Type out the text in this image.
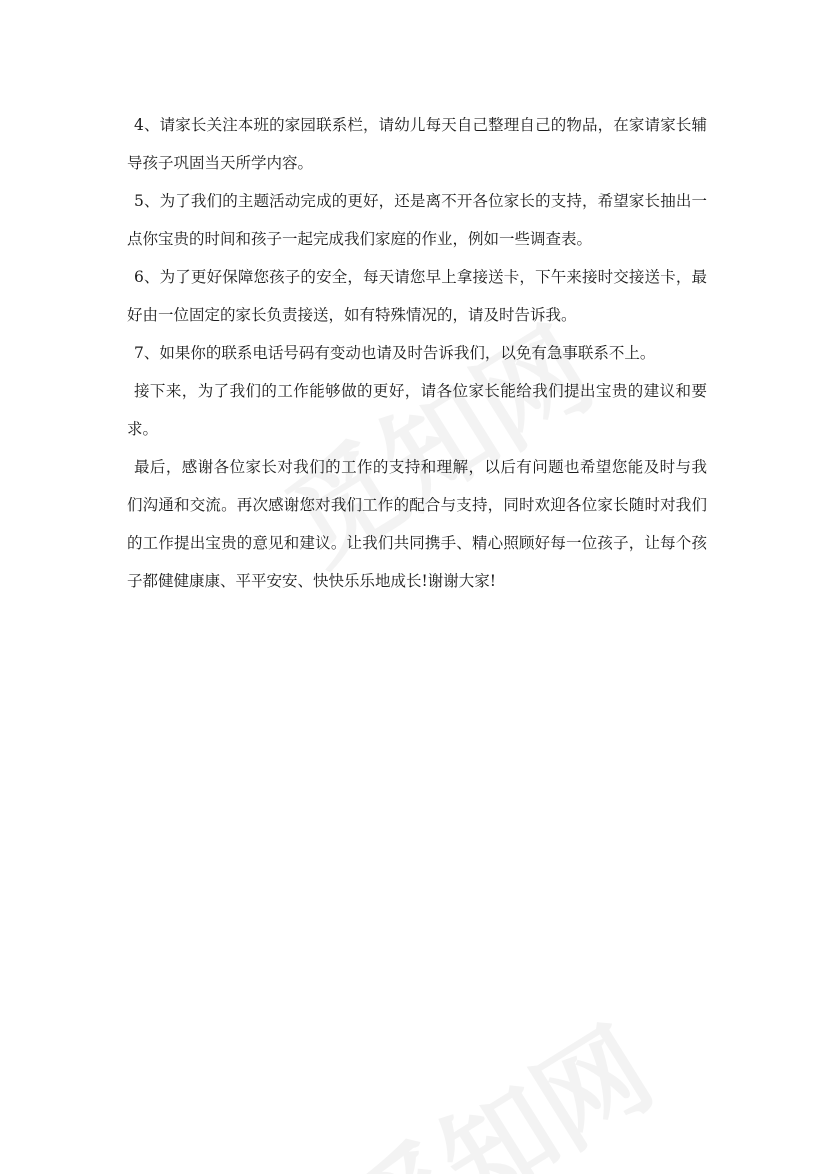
4、请家长关注本班的家园联系栏，请幼儿每天自己整理自己的物品，在家请家长辅导孩子巩固当天所学内容。

5、为了我们的主题活动完成的更好，还是离不开各位家长的支持，希望家长抽出一点你宝贵的时间和孩子一起完成我们家庭的作业，例如一些调查表。

6、为了更好保障您孩子的安全，每天请您早上拿接送卡，下午来接时交接送卡，最好由一位固定的家长负责接送，如有特殊情况的，请及时告诉我。

7、如果你的联系电话号码有变动也请及时告诉我们，以免有急事联系不上。

接下来，为了我们的工作能够做的更好，请各位家长能给我们提出宝贵的建议和要求。

最后，感谢各位家长对我们的工作的支持和理解，以后有问题也希望您能及时与我们沟通和交流。再次感谢您对我们工作的配合与支持，同时欢迎各位家长随时对我们的工作提出宝贵的意见和建议。让我们共同携手、精心照顾好每一位孩子，让每个孩子都健健康康、平平安安、快快乐乐地成长!谢谢大家!
